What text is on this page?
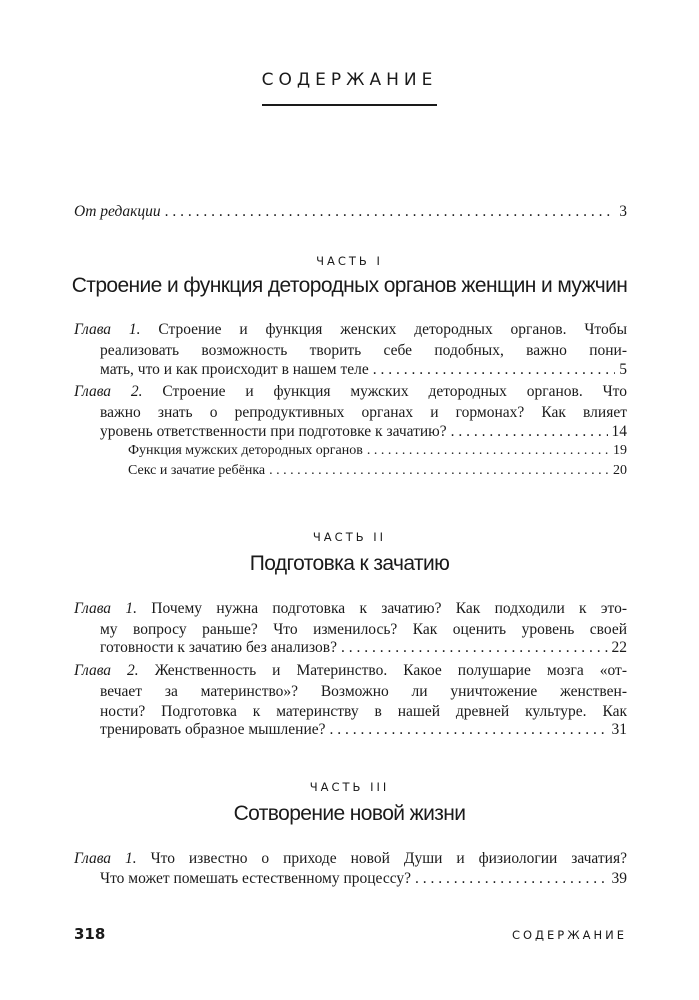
СОДЕРЖАНИЕ
От редакции . . .	3
ЧАСТЬ I
Строение и функция детородных органов женщин и мужчин
Глава 1. Строение и функция женских детородных органов. Чтобы
реализовать возможность творить себе подобных, важно пони-
мать, что и как происходит в нашем теле . . .	5
Глава 2. Строение и функция мужских детородных органов. Что
важно знать о репродуктивных органах и гормонах? Как влияет
уровень ответственности при подготовке к зачатию? . . .	14
Функция мужских детородных органов . . .	19
Секс и зачатие ребёнка . . .	20
ЧАСТЬ II
Подготовка к зачатию
Глава 1. Почему нужна подготовка к зачатию? Как подходили к это-
му вопросу раньше? Что изменилось? Как оценить уровень своей
готовности к зачатию без анализов? . . .	22
Глава 2. Женственность и Материнство. Какое полушарие мозга «от-
вечает за материнство»? Возможно ли уничтожение женствен-
ности? Подготовка к материнству в нашей древней культуре. Как
тренировать образное мышление? . . .	31
ЧАСТЬ III
Сотворение новой жизни
Глава 1. Что известно о приходе новой Души и физиологии зачатия?
Что может помешать естественному процессу? . . .	39
318	СОДЕРЖАНИЕ
